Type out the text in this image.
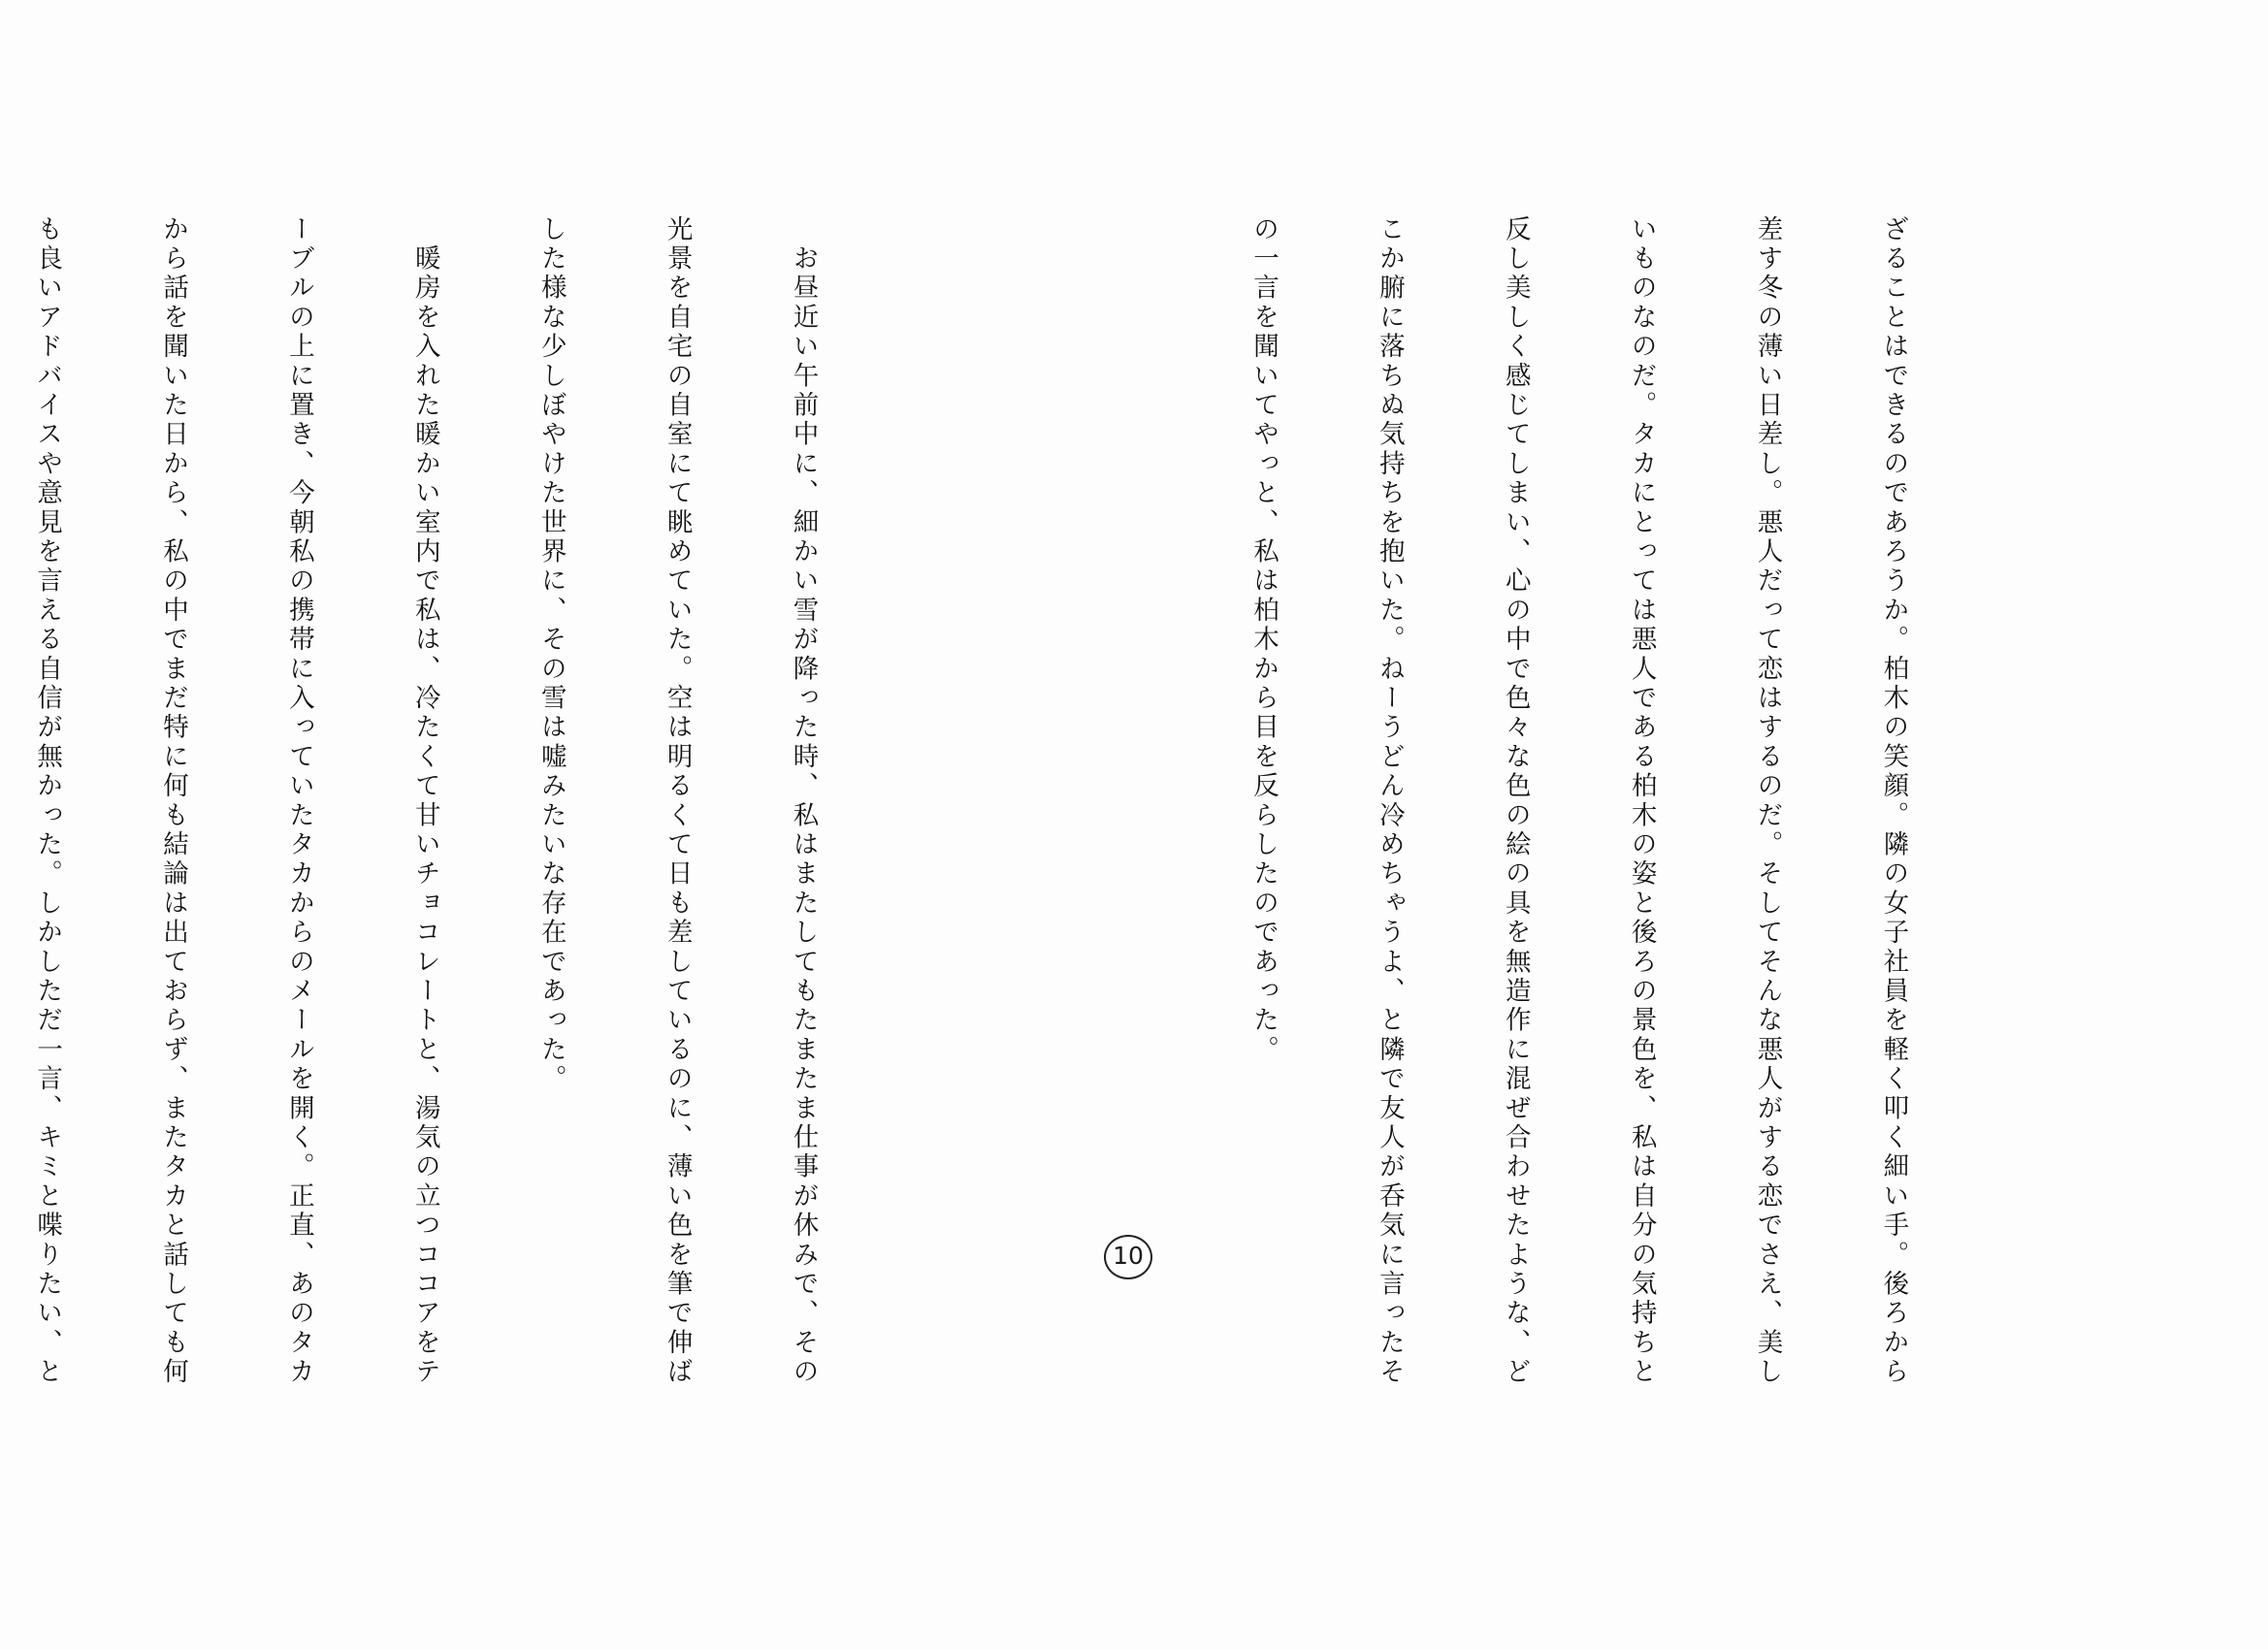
ざることはできるのであろうか。柏木の笑顔。隣の女子社員を軽く叩く細い手。後ろから

差す冬の薄い日差し。悪人だって恋はするのだ。そしてそんな悪人がする恋でさえ、美し

いものなのだ。タカにとっては悪人である柏木の姿と後ろの景色を、私は自分の気持ちと

反し美しく感じてしまい、心の中で色々な色の絵の具を無造作に混ぜ合わせたような、ど

こか腑に落ちぬ気持ちを抱いた。ねーうどん冷めちゃうよ、と隣で友人が呑気に言ったそ

の一言を聞いてやっと、私は柏木から目を反らしたのであった。

　お昼近い午前中に、細かい雪が降った時、私はまたしてもたまたま仕事が休みで、その

光景を自宅の自室にて眺めていた。空は明るくて日も差しているのに、薄い色を筆で伸ば

した様な少しぼやけた世界に、その雪は嘘みたいな存在であった。

　暖房を入れた暖かい室内で私は、冷たくて甘いチョコレートと、湯気の立つココアをテ

ーブルの上に置き、今朝私の携帯に入っていたタカからのメールを開く。正直、あのタカ

から話を聞いた日から、私の中でまだ特に何も結論は出ておらず、またタカと話しても何

も良いアドバイスや意見を言える自信が無かった。しかしただ一言、キミと喋りたい、と

	10
